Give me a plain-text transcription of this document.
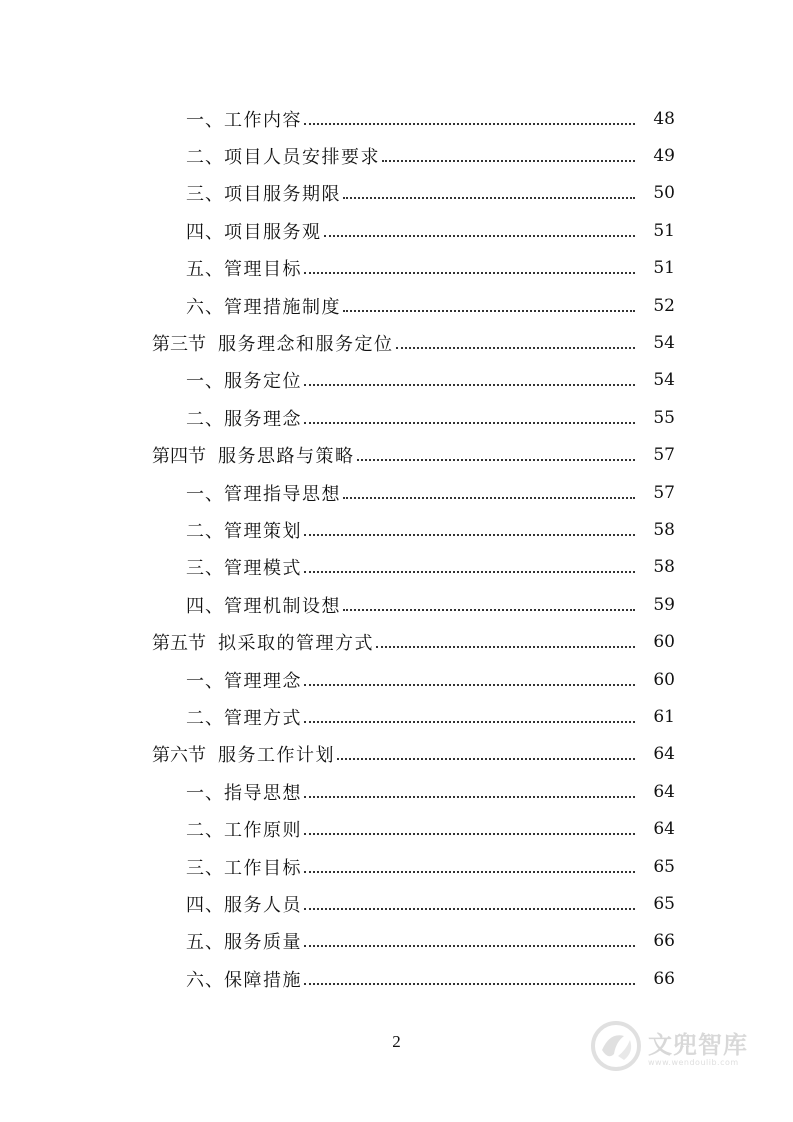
一、 工作内容	48
二、 项目人员安排要求	49
三、 项目服务期限	50
四、 项目服务观	51
五、 管理目标	51
六、 管理措施制度	52
第三节 服务理念和服务定位	54
一、 服务定位	54
二、 服务理念	55
第四节 服务思路与策略	57
一、 管理指导思想	57
二、 管理策划	58
三、 管理模式	58
四、 管理机制设想	59
第五节 拟采取的管理方式	60
一、 管理理念	60
二、 管理方式	61
第六节 服务工作计划	64
一、 指导思想	64
二、 工作原则	64
三、 工作目标	65
四、 服务人员	65
五、 服务质量	66
六、 保障措施	66
2	文兜智库
www.wendoulib.com
